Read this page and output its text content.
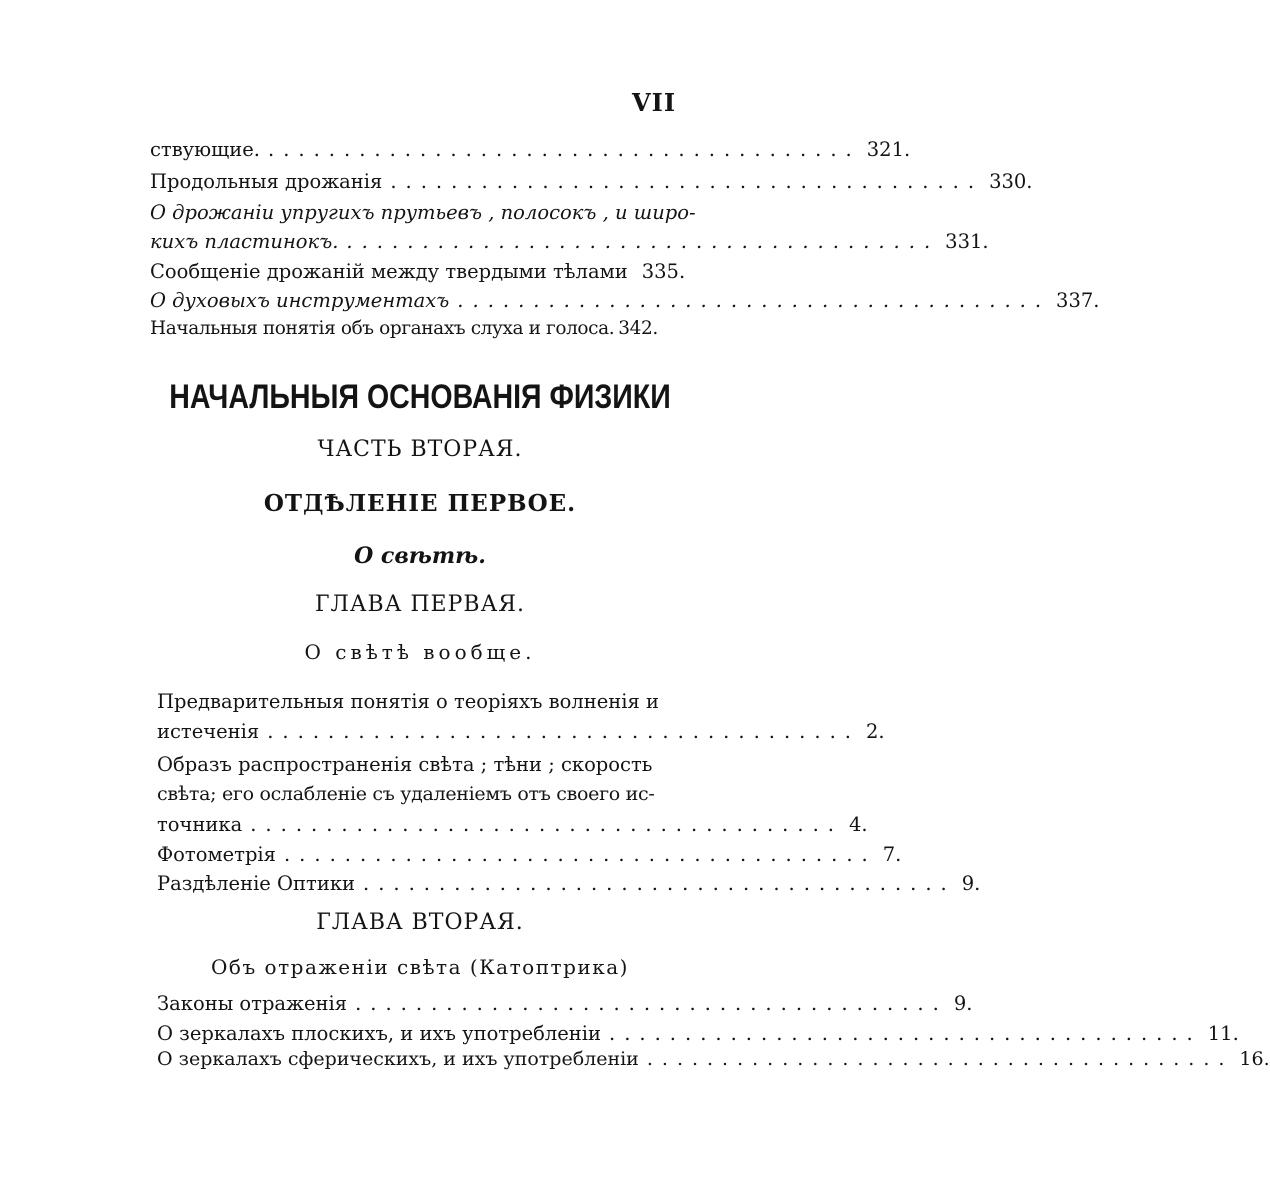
VII
ствующие. ....................................... 321.
Продольныя дрожанія ....................................... 330.
О дрожаніи упругихъ прутьевъ , полосокъ , и широ-
кихъ пластинокъ. ....................................... 331.
Сообщеніе дрожаній между твердыми тѣлами 335.
О духовыхъ инструментахъ ....................................... 337.
Начальныя понятія объ органахъ слуха и голоса. 342.
НАЧАЛЬНЫЯ ОСНОВАНІЯ ФИЗИКИ
ЧАСТЬ ВТОРАЯ.
ОТДѢЛЕНІЕ ПЕРВОЕ.
О свѣтѣ.
ГЛАВА ПЕРВАЯ.
О свѣтѣ вообще.
Предварительныя понятія о теоріяхъ волненія и
истеченія ....................................... 2.
Образъ распространенія свѣта ; тѣни ; скорость
свѣта; его ослабленіе съ удаленіемъ отъ своего ис-
точника ....................................... 4.
Фотометрія ....................................... 7.
Раздѣленіе Оптики ....................................... 9.
ГЛАВА ВТОРАЯ.
Объ отраженіи свѣта (Катоптрика)
Законы отраженія ....................................... 9.
О зеркалахъ плоскихъ, и ихъ употребленіи ....................................... 11.
О зеркалахъ сферическихъ, и ихъ употребленіи ....................................... 16.
